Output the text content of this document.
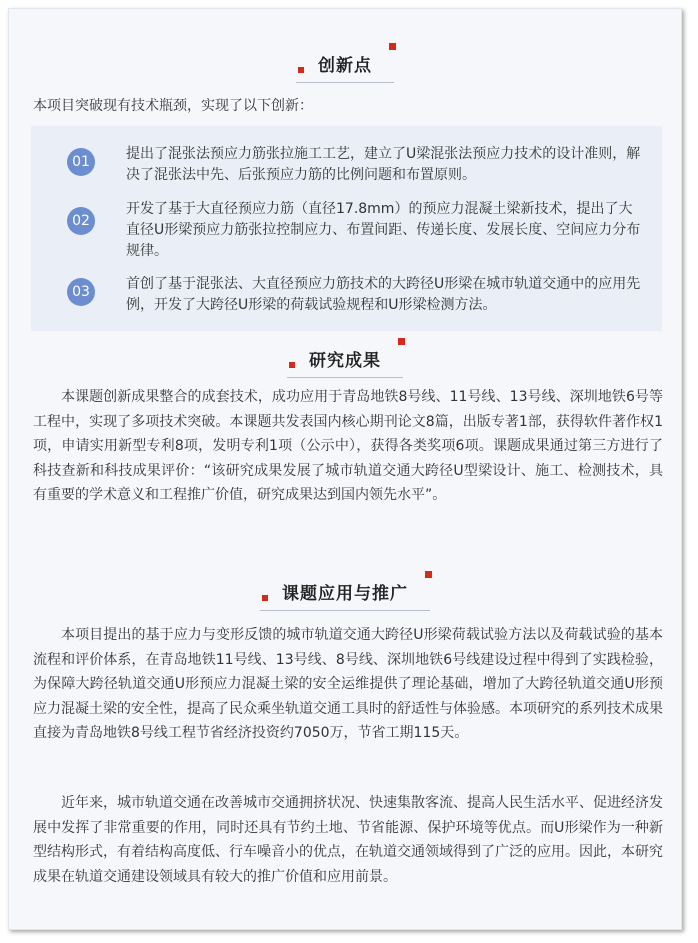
创新点
本项目突破现有技术瓶颈，实现了以下创新：
01	提出了混张法预应力筋张拉施工工艺，建立了U梁混张法预应力技术的设计准则，解决了混张法中先、后张预应力筋的比例问题和布置原则。
02
开发了基于大直径预应力筋（直径17.8mm）的预应力混凝土梁新技术，提出了大直径U形梁预应力筋张拉控制应力、布置间距、传递长度、发展长度、空间应力分布规律。
03	首创了基于混张法、大直径预应力筋技术的大跨径U形梁在城市轨道交通中的应用先例，开发了大跨径U形梁的荷载试验规程和U形梁检测方法。
研究成果
本课题创新成果整合的成套技术，成功应用于青岛地铁8号线、11号线、13号线、深圳地铁6号等工程中，实现了多项技术突破。本课题共发表国内核心期刊论文8篇，出版专著1部，获得软件著作权1项，申请实用新型专利8项，发明专利1项（公示中），获得各类奖项6项。课题成果通过第三方进行了科技查新和科技成果评价：“该研究成果发展了城市轨道交通大跨径U型梁设计、施工、检测技术，具有重要的学术意义和工程推广价值，研究成果达到国内领先水平”。
课题应用与推广
本项目提出的基于应力与变形反馈的城市轨道交通大跨径U形梁荷载试验方法以及荷载试验的基本流程和评价体系，在青岛地铁11号线、13号线、8号线、深圳地铁6号线建设过程中得到了实践检验，为保障大跨径轨道交通U形预应力混凝土梁的安全运维提供了理论基础，增加了大跨径轨道交通U形预应力混凝土梁的安全性，提高了民众乘坐轨道交通工具时的舒适性与体验感。本项研究的系列技术成果直接为青岛地铁8号线工程节省经济投资约7050万，节省工期115天。
近年来，城市轨道交通在改善城市交通拥挤状况、快速集散客流、提高人民生活水平、促进经济发展中发挥了非常重要的作用，同时还具有节约土地、节省能源、保护环境等优点。而U形梁作为一种新型结构形式，有着结构高度低、行车噪音小的优点，在轨道交通领域得到了广泛的应用。因此，本研究成果在轨道交通建设领域具有较大的推广价值和应用前景。
